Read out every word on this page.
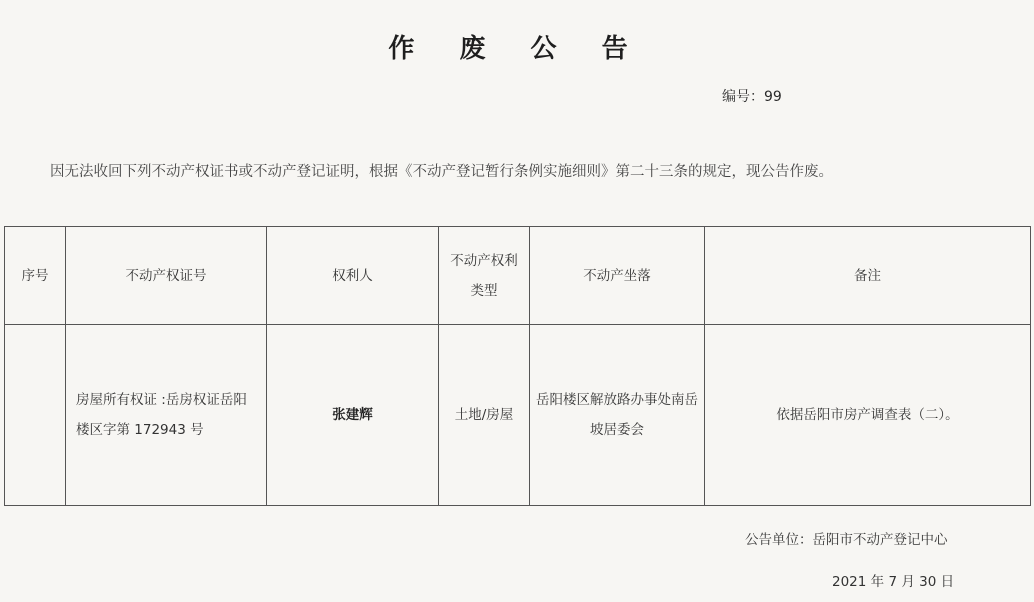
作 废 公 告
编号：99
因无法收回下列不动产权证书或不动产登记证明，根据《不动产登记暂行条例实施细则》第二十三条的规定，现公告作废。
序号	不动产权证号	权利人	不动产权利类型	不动产坐落	备注
	房屋所有权证 :岳房权证岳阳楼区字第 172943 号	张建辉	土地/房屋	岳阳楼区解放路办事处南岳坡居委会	依据岳阳市房产调查表（二）。
公告单位：岳阳市不动产登记中心
2021 年 7 月 30 日
